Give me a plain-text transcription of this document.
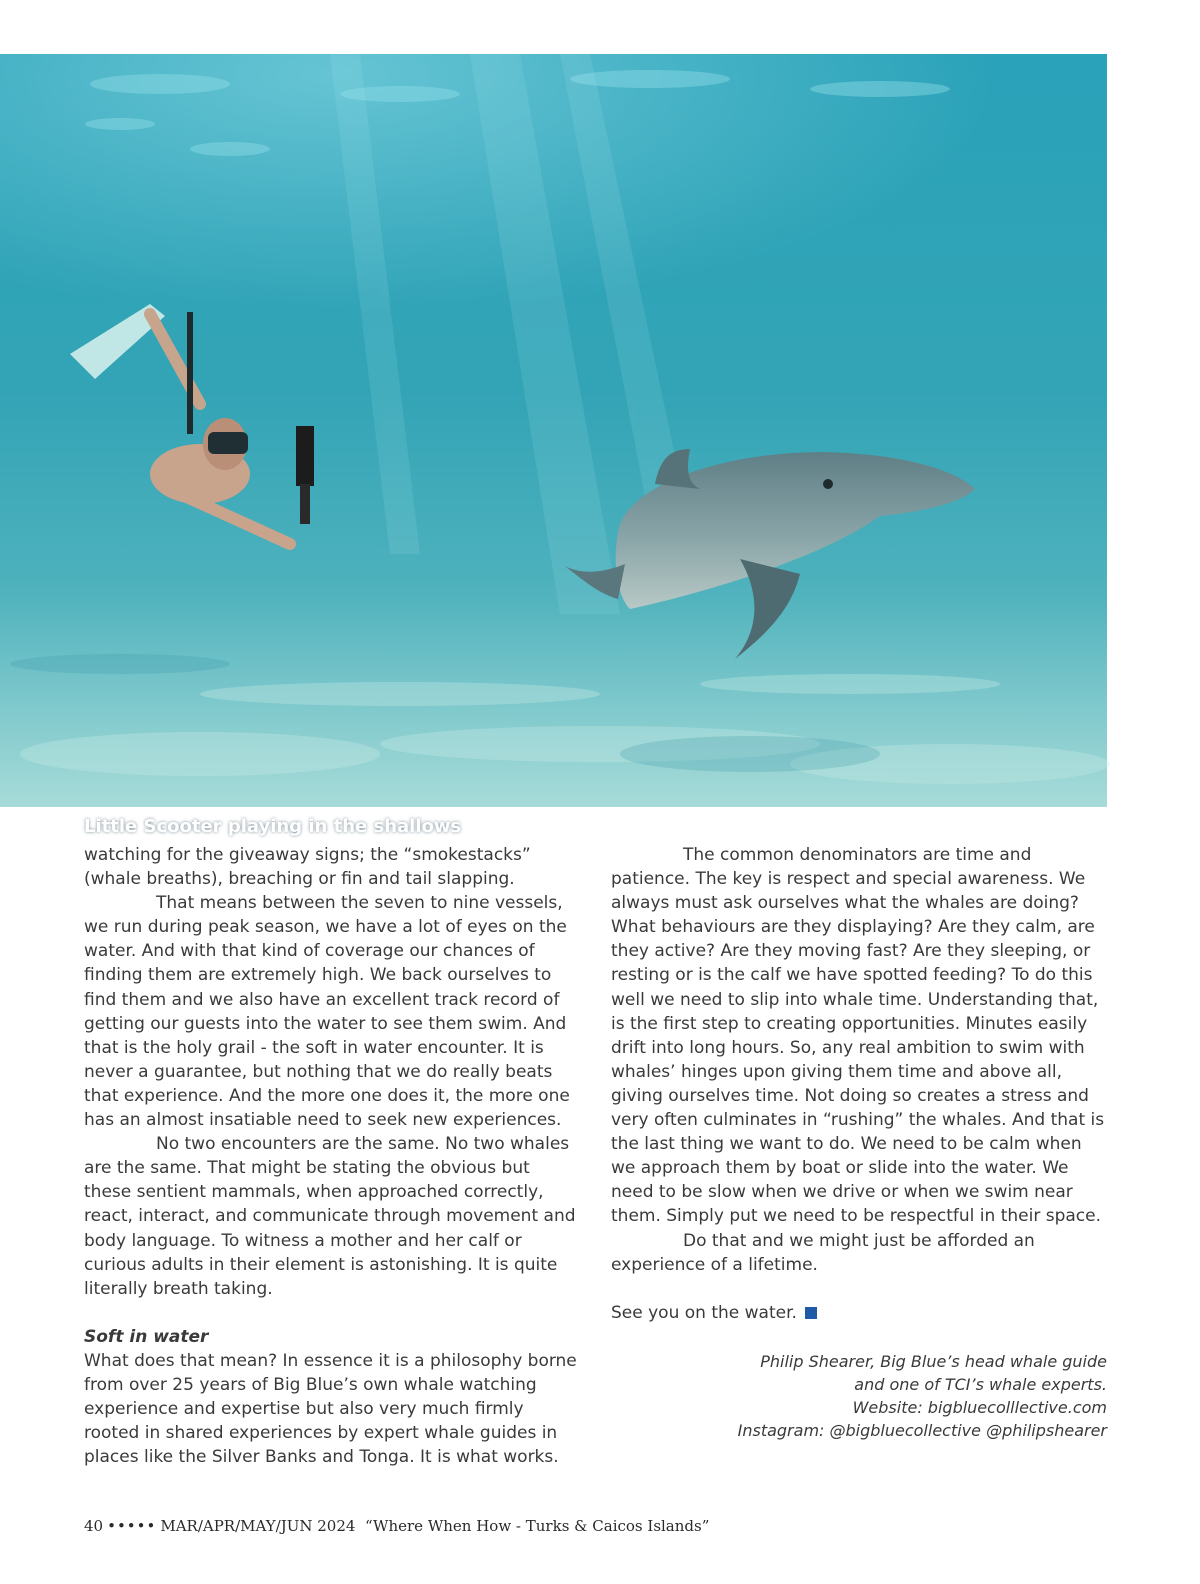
Little Scooter playing in the shallows

watching for the giveaway signs; the “smokestacks” (whale breaths), breaching or fin and tail slapping.

That means between the seven to nine vessels, we run during peak season, we have a lot of eyes on the water. And with that kind of coverage our chances of finding them are extremely high. We back ourselves to find them and we also have an excellent track record of getting our guests into the water to see them swim. And that is the holy grail - the soft in water encounter. It is never a guarantee, but nothing that we do really beats that experience. And the more one does it, the more one has an almost insatiable need to seek new experiences.

No two encounters are the same. No two whales are the same. That might be stating the obvious but these sentient mammals, when approached correctly, react, interact, and communicate through movement and body language. To witness a mother and her calf or curious adults in their element is astonishing. It is quite literally breath taking.

Soft in water

What does that mean? In essence it is a philosophy borne from over 25 years of Big Blue’s own whale watching experience and expertise but also very much firmly rooted in shared experiences by expert whale guides in places like the Silver Banks and Tonga. It is what works.

The common denominators are time and patience. The key is respect and special awareness. We always must ask ourselves what the whales are doing? What behaviours are they displaying? Are they calm, are they active? Are they moving fast? Are they sleeping, or resting or is the calf we have spotted feeding? To do this well we need to slip into whale time. Understanding that, is the first step to creating opportunities. Minutes easily drift into long hours. So, any real ambition to swim with whales’ hinges upon giving them time and above all, giving ourselves time. Not doing so creates a stress and very often culminates in “rushing” the whales. And that is the last thing we want to do. We need to be calm when we approach them by boat or slide into the water. We need to be slow when we drive or when we swim near them. Simply put we need to be respectful in their space.

Do that and we might just be afforded an experience of a lifetime.

See you on the water.

Philip Shearer, Big Blue’s head whale guide
and one of TCI’s whale experts.
Website: bigbluecolllective.com
Instagram: @bigbluecollective @philipshearer
40 ••••• MAR/APR/MAY/JUN 2024 “Where When How - Turks & Caicos Islands”
